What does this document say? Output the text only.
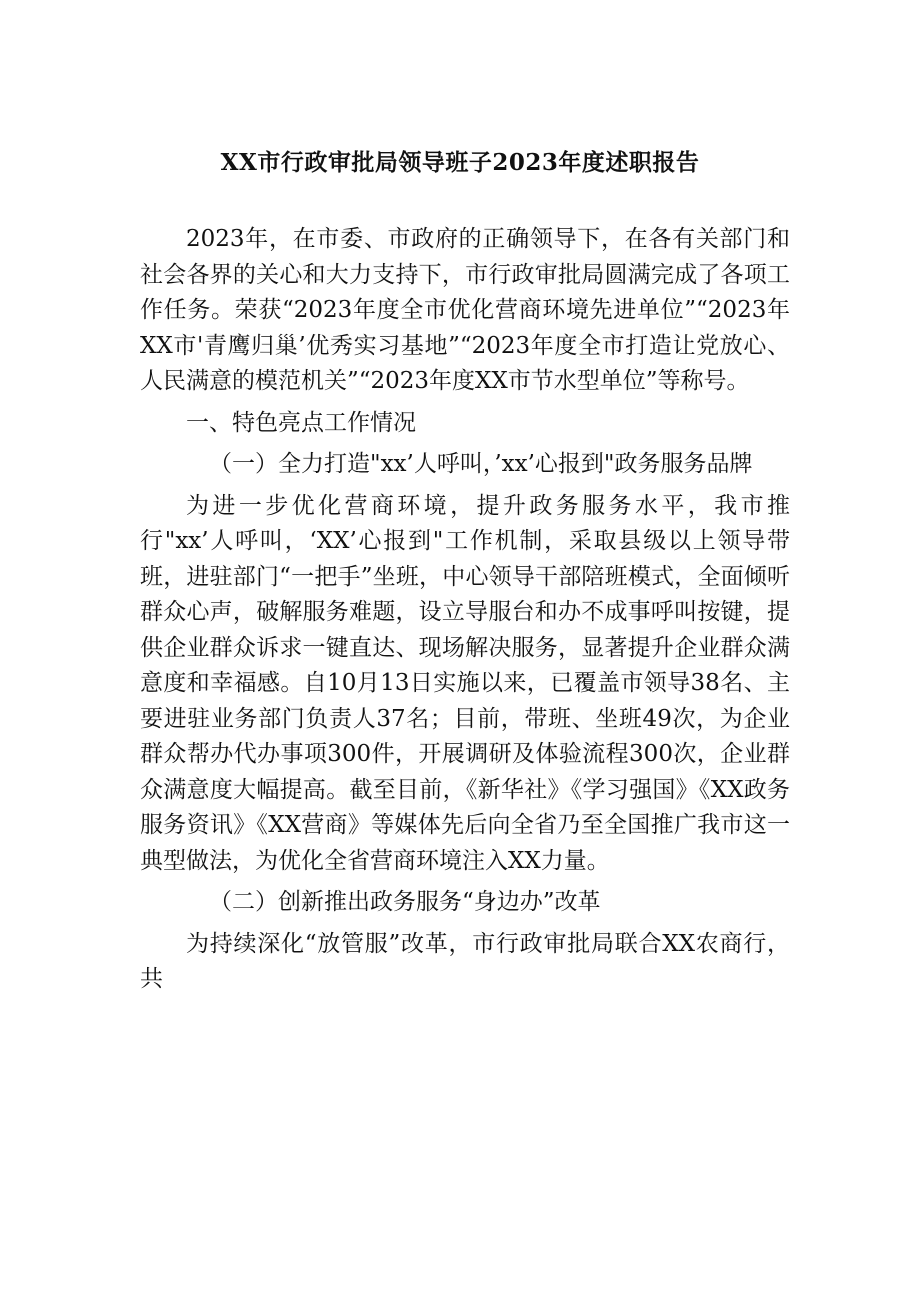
XX市行政审批局领导班子2023年度述职报告

2023年，在市委、市政府的正确领导下，在各有关部门和社会各界的关心和大力支持下，市行政审批局圆满完成了各项工作任务。荣获“2023年度全市优化营商环境先进单位”“2023年XX市'青鹰归巢’优秀实习基地”“2023年度全市打造让党放心、人民满意的模范机关”“2023年度XX市节水型单位”等称号。

一、特色亮点工作情况

（一）全力打造"xx’人呼叫，’xx’心报到"政务服务品牌

为进一步优化营商环境，提升政务服务水平，我市推行"xx’人呼叫，‘XX’心报到"工作机制，采取县级以上领导带班，进驻部门“一把手”坐班，中心领导干部陪班模式，全面倾听群众心声，破解服务难题，设立导服台和办不成事呼叫按键，提供企业群众诉求一键直达、现场解决服务，显著提升企业群众满意度和幸福感。自10月13日实施以来，已覆盖市领导38名、主要进驻业务部门负责人37名；目前，带班、坐班49次，为企业群众帮办代办事项300件，开展调研及体验流程300次，企业群众满意度大幅提高。截至目前，《新华社》《学习强国》《XX政务服务资讯》《XX营商》等媒体先后向全省乃至全国推广我市这一典型做法，为优化全省营商环境注入XX力量。

（二）创新推出政务服务“身边办”改革

为持续深化“放管服”改革，市行政审批局联合XX农商行，共
